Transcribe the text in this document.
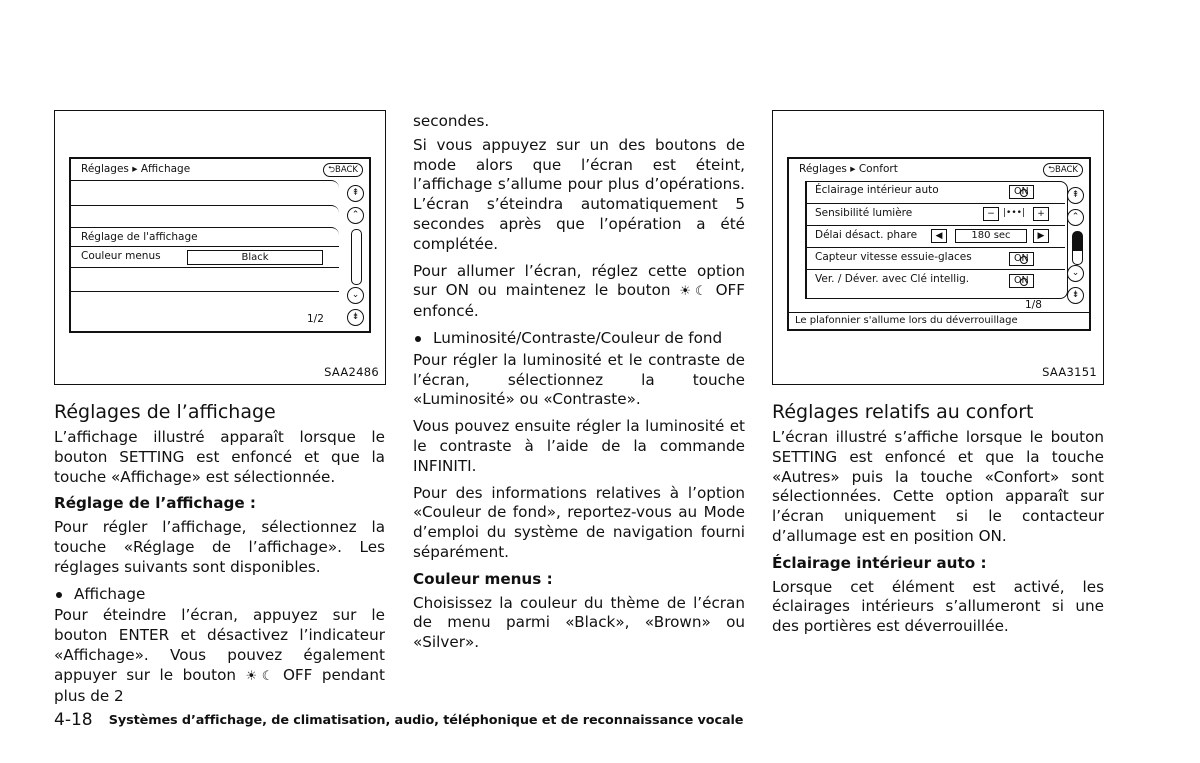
Réglages ▸ Affichage	⮌BACK
Réglage de l'affichage
Couleur menus	Black
⇞
⌃
⌄
⇟
1/2
SAA2486
Réglages ▸ Confort	⮌BACK
Éclairage intérieur auto	ON
Sensibilité lumière	− |•••|	+
Délai désact. phare	◀	180 sec	▶
Capteur vitesse essuie-glaces	ON
Ver. / Déver. avec Clé intellig.	ON
⇞
⌃
⌄
⇟
1/8
Le plafonnier s'allume lors du déverrouillage
SAA3151
Réglages de l’affichage

L’affichage illustré apparaît lorsque le bouton SETTING est enfoncé et que la touche «Affichage» est sélectionnée.

Réglage de l’affichage :

Pour régler l’affichage, sélectionnez la touche «Réglage de l’affichage». Les réglages suivants sont disponibles.

Affichage

Pour éteindre l’écran, appuyez sur le bouton ENTER et désactivez l’indicateur «Affichage». Vous pouvez également appuyer sur le bouton ☀☾ OFF pendant plus de 2

secondes.

Si vous appuyez sur un des boutons de mode alors que l’écran est éteint, l’affichage s’allume pour plus d’opérations. L’écran s’éteindra automatiquement 5 secondes après que l’opération a été complétée.

Pour allumer l’écran, réglez cette option sur ON ou maintenez le bouton ☀☾ OFF enfoncé.

Luminosité/Contraste/Couleur de fond

Pour régler la luminosité et le contraste de l’écran, sélectionnez la touche «Luminosité» ou «Contraste».

Vous pouvez ensuite régler la luminosité et le contraste à l’aide de la commande INFINITI.

Pour des informations relatives à l’option «Couleur de fond», reportez-vous au Mode d’emploi du système de navigation fourni séparément.

Couleur menus :

Choisissez la couleur du thème de l’écran de menu parmi «Black», «Brown» ou «Silver».

Réglages relatifs au confort

L’écran illustré s’affiche lorsque le bouton SETTING est enfoncé et que la touche «Autres» puis la touche «Confort» sont sélectionnées. Cette option apparaît sur l’écran uniquement si le contacteur d’allumage est en position ON.

Éclairage intérieur auto :

Lorsque cet élément est activé, les éclairages intérieurs s’allumeront si une des portières est déverrouillée.

4-18 Systèmes d’affichage, de climatisation, audio, téléphonique et de reconnaissance vocale
